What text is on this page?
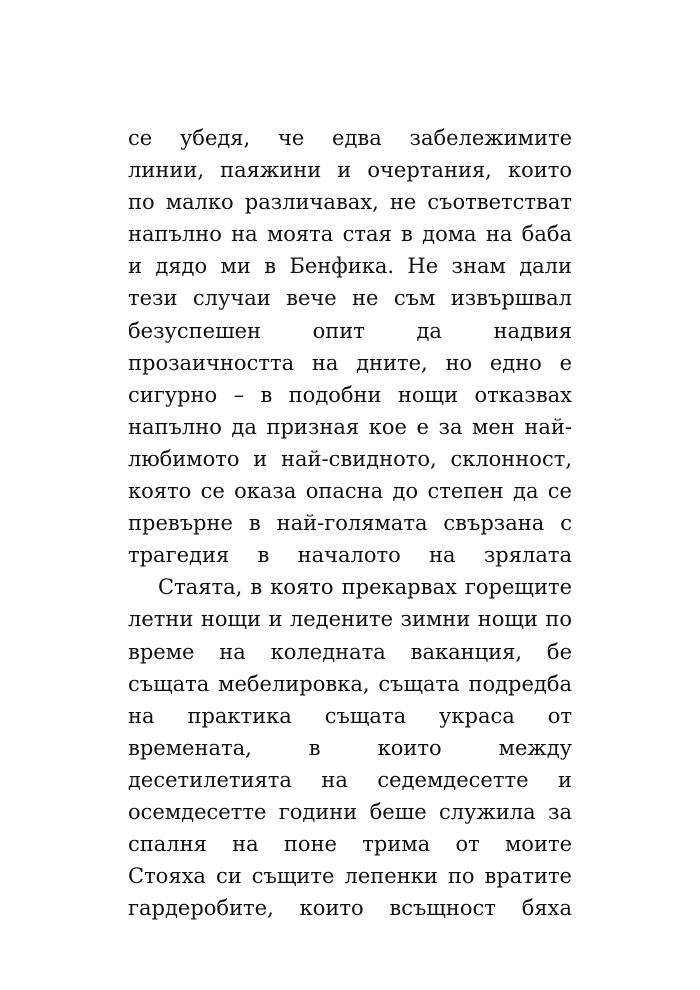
се убедя, че едва забележимите
линии, паяжини и очертания, които
по малко различавах, не съответстват
напълно на моята стая в дома на баба
и дядо ми в Бенфика. Не знам дали
тези случаи вече не съм извършвал
безуспешен опит да надвия
прозаичността на дните, но едно е
сигурно – в подобни нощи отказвах
напълно да призная кое е за мен най-
любимото и най-свидното, склонност,
която се оказа опасна до степен да се
превърне в най-голямата свързана с
трагедия в началото на зрялата
Стаята, в която прекарвах горещите
летни нощи и ледените зимни нощи по
време на коледната ваканция, бе
същата мебелировка, същата подредба
на практика същата украса от
времената, в които между
десетилетията на седемдесетте и
осемдесетте години беше служила за
спалня на поне трима от моите
Стояха си същите лепенки по вратите
гардеробите, които всъщност бяха
